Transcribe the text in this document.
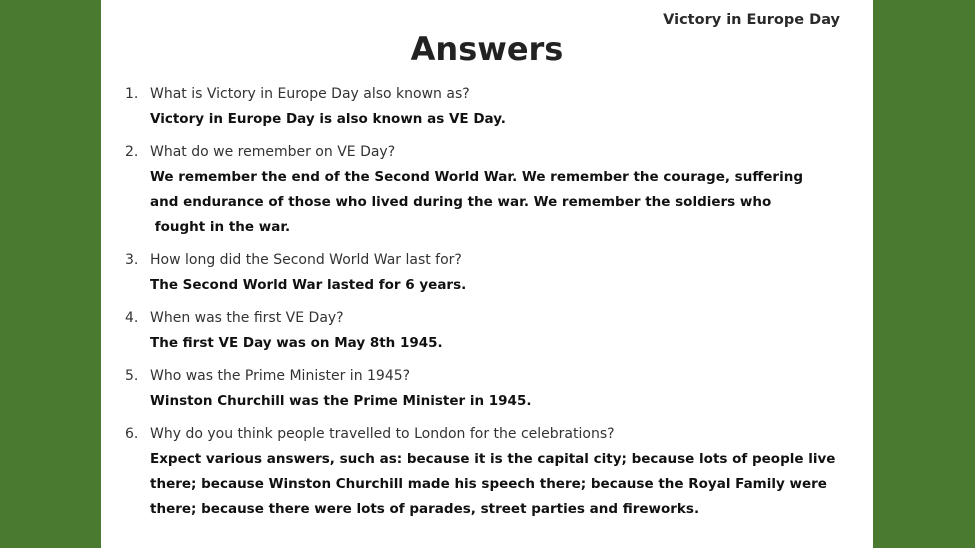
Victory in Europe Day
Answers
1. What is Victory in Europe Day also known as?
Victory in Europe Day is also known as VE Day.
2. What do we remember on VE Day?
We remember the end of the Second World War. We remember the courage, suffering
and endurance of those who lived during the war. We remember the soldiers who
fought in the war.
3. How long did the Second World War last for?
The Second World War lasted for 6 years.
4. When was the first VE Day?
The first VE Day was on May 8th 1945.
5. Who was the Prime Minister in 1945?
Winston Churchill was the Prime Minister in 1945.
6. Why do you think people travelled to London for the celebrations?
Expect various answers, such as: because it is the capital city; because lots of people live
there; because Winston Churchill made his speech there; because the Royal Family were
there; because there were lots of parades, street parties and fireworks.
